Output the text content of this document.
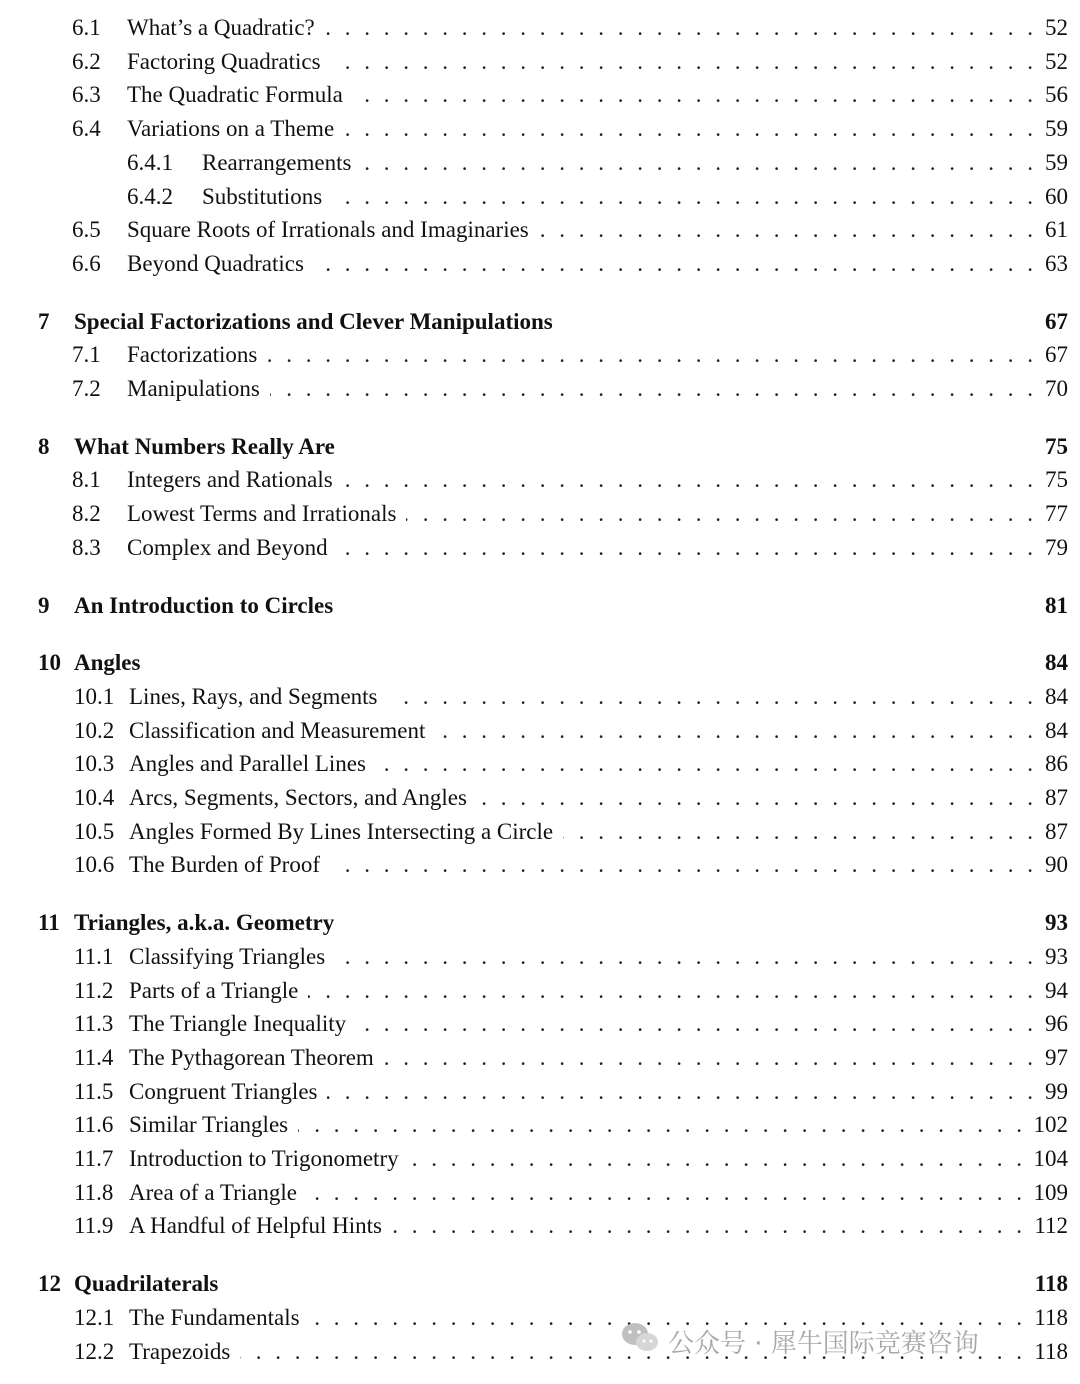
6.1 What’s a Quadratic? . . .	52
6.2 Factoring Quadratics . . .	52
6.3 The Quadratic Formula . . .	56
6.4 Variations on a Theme . . .	59
6.4.1 Rearrangements . . .	59
6.4.2 Substitutions . . .	60
6.5 Square Roots of Irrationals and Imaginaries . . .	61
6.6 Beyond Quadratics . . .	63
7 Special Factorizations and Clever Manipulations	67
7.1 Factorizations . . .	67
7.2 Manipulations . . .	70
8 What Numbers Really Are	75
8.1 Integers and Rationals . . .	75
8.2 Lowest Terms and Irrationals . . .	77
8.3 Complex and Beyond . . .	79
9 An Introduction to Circles	81
10 Angles	84
10.1 Lines, Rays, and Segments . . .	84
10.2 Classification and Measurement . . .	84
10.3 Angles and Parallel Lines . . .	86
10.4 Arcs, Segments, Sectors, and Angles . . .	87
10.5 Angles Formed By Lines Intersecting a Circle . . .	87
10.6 The Burden of Proof . . .	90
11 Triangles, a.k.a. Geometry	93
11.1 Classifying Triangles . . .	93
11.2 Parts of a Triangle . . .	94
11.3 The Triangle Inequality . . .	96
11.4 The Pythagorean Theorem . . .	97
11.5 Congruent Triangles . . .	99
11.6 Similar Triangles . . .	102
11.7 Introduction to Trigonometry . . .	104
11.8 Area of a Triangle . . .	109
11.9 A Handful of Helpful Hints . . .	112
12 Quadrilaterals	118
12.1 The Fundamentals . . .	118
12.2 Trapezoids . . .	118
公众号 · 犀牛国际竞赛咨询
